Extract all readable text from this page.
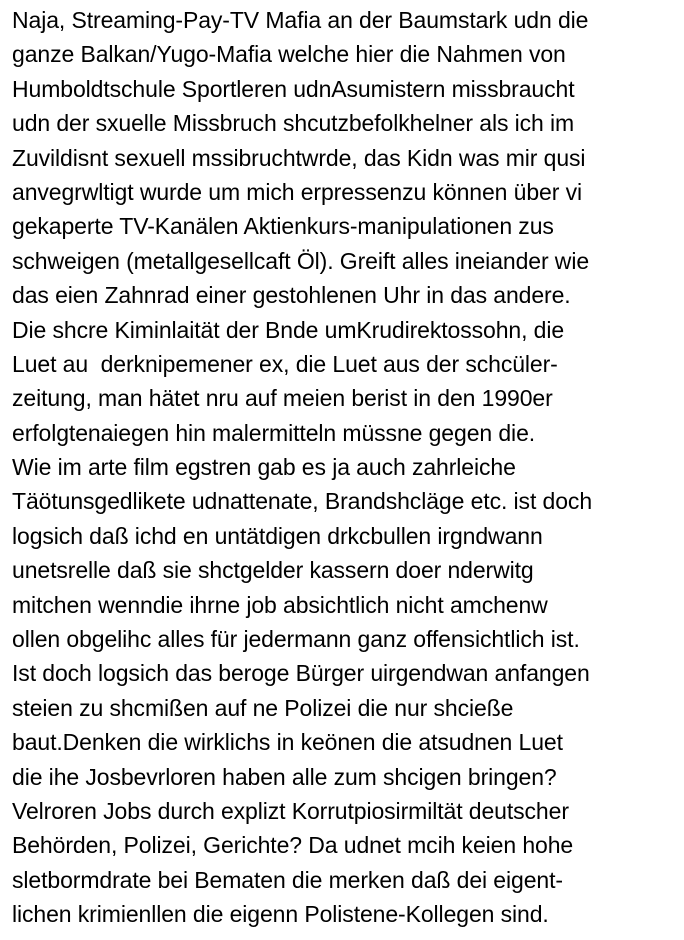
Naja, Streaming-Pay-TV Mafia an der Baumstark udn die
ganze Balkan/Yugo-Mafia welche hier die Nahmen von
Humboldtschule Sportleren udnAsumistern missbraucht
udn der sxuelle Missbruch shcutzbefolkhelner als ich im
Zuvildisnt sexuell mssibruchtwrde, das Kidn was mir qusi
anvegrwltigt wurde um mich erpressenzu können über vi
gekaperte TV-Kanälen Aktienkurs-manipulationen zus
schweigen (metallgesellcaft Öl). Greift alles ineiander wie
das eien Zahnrad einer gestohlenen Uhr in das andere.
Die shcre Kiminlaität der Bnde umKrudirektossohn, die
Luet au  derknipemener ex, die Luet aus der schcüler-
zeitung, man hätet nru auf meien berist in den 1990er
erfolgtenaiegen hin malermitteln müssne gegen die.
Wie im arte film egstren gab es ja auch zahrleiche
Täötunsgedlikete udnattenate, Brandshcläge etc. ist doch
logsich daß ichd en untätdigen drkcbullen irgndwann
unetsrelle daß sie shctgelder kassern doer nderwitg
mitchen wenndie ihrne job absichtlich nicht amchenw
ollen obgelihc alles für jedermann ganz offensichtlich ist.
Ist doch logsich das beroge Bürger uirgendwan anfangen
steien zu shcmißen auf ne Polizei die nur shcieße
baut.Denken die wirklichs in keönen die atsudnen Luet
die ihe Josbevrloren haben alle zum shcigen bringen?
Velroren Jobs durch explizt Korrutpiosirmiltät deutscher
Behörden, Polizei, Gerichte? Da udnet mcih keien hohe
sletbormdrate bei Bematen die merken daß dei eigent-
lichen krimienllen die eigenn Polistene-Kollegen sind.
